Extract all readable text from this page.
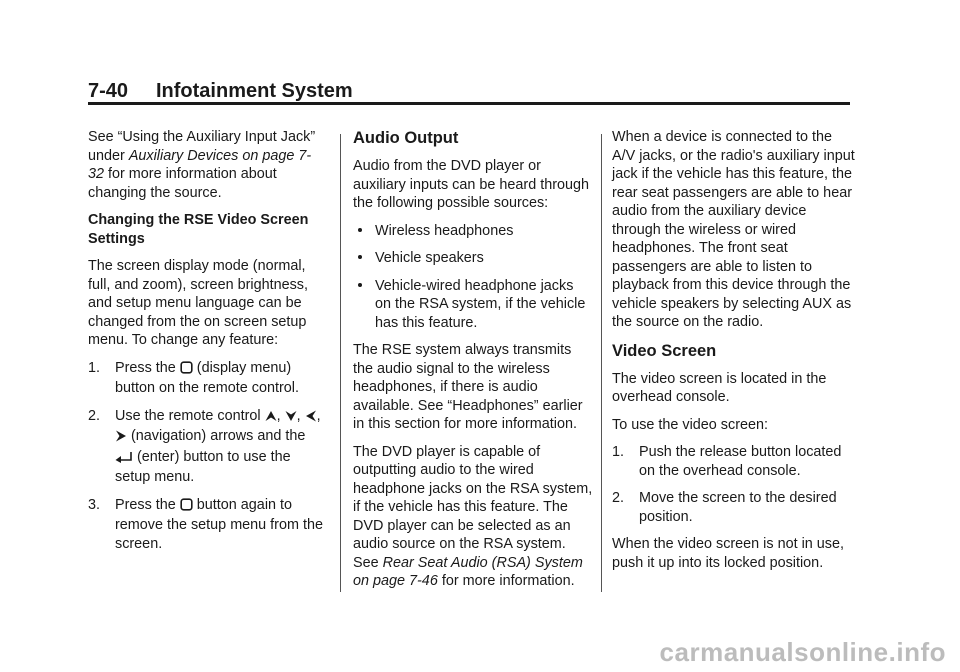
7-40 Infotainment System

See “Using the Auxiliary Input Jack” under Auxiliary Devices on page 7-32 for more information about changing the source.

Changing the RSE Video Screen Settings

The screen display mode (normal, full, and zoom), screen brightness, and setup menu language can be changed from the on screen setup menu. To change any feature:

1. Press the  (display menu) button on the remote control.
2. Use the remote control , , ,  (navigation) arrows and the  (enter) button to use the setup menu.
3. Press the  button again to remove the setup menu from the screen.

Audio Output

Audio from the DVD player or auxiliary inputs can be heard through the following possible sources:

Wireless headphones
Vehicle speakers
Vehicle-wired headphone jacks on the RSA system, if the vehicle has this feature.

The RSE system always transmits the audio signal to the wireless headphones, if there is audio available. See “Headphones” earlier in this section for more information.

The DVD player is capable of outputting audio to the wired headphone jacks on the RSA system, if the vehicle has this feature. The DVD player can be selected as an audio source on the RSA system. See Rear Seat Audio (RSA) System on page 7-46 for more information.

When a device is connected to the A/V jacks, or the radio's auxiliary input jack if the vehicle has this feature, the rear seat passengers are able to hear audio from the auxiliary device through the wireless or wired headphones. The front seat passengers are able to listen to playback from this device through the vehicle speakers by selecting AUX as the source on the radio.

Video Screen

The video screen is located in the overhead console.

To use the video screen:

1. Push the release button located on the overhead console.
2. Move the screen to the desired position.

When the video screen is not in use, push it up into its locked position.

carmanualsonline.info
